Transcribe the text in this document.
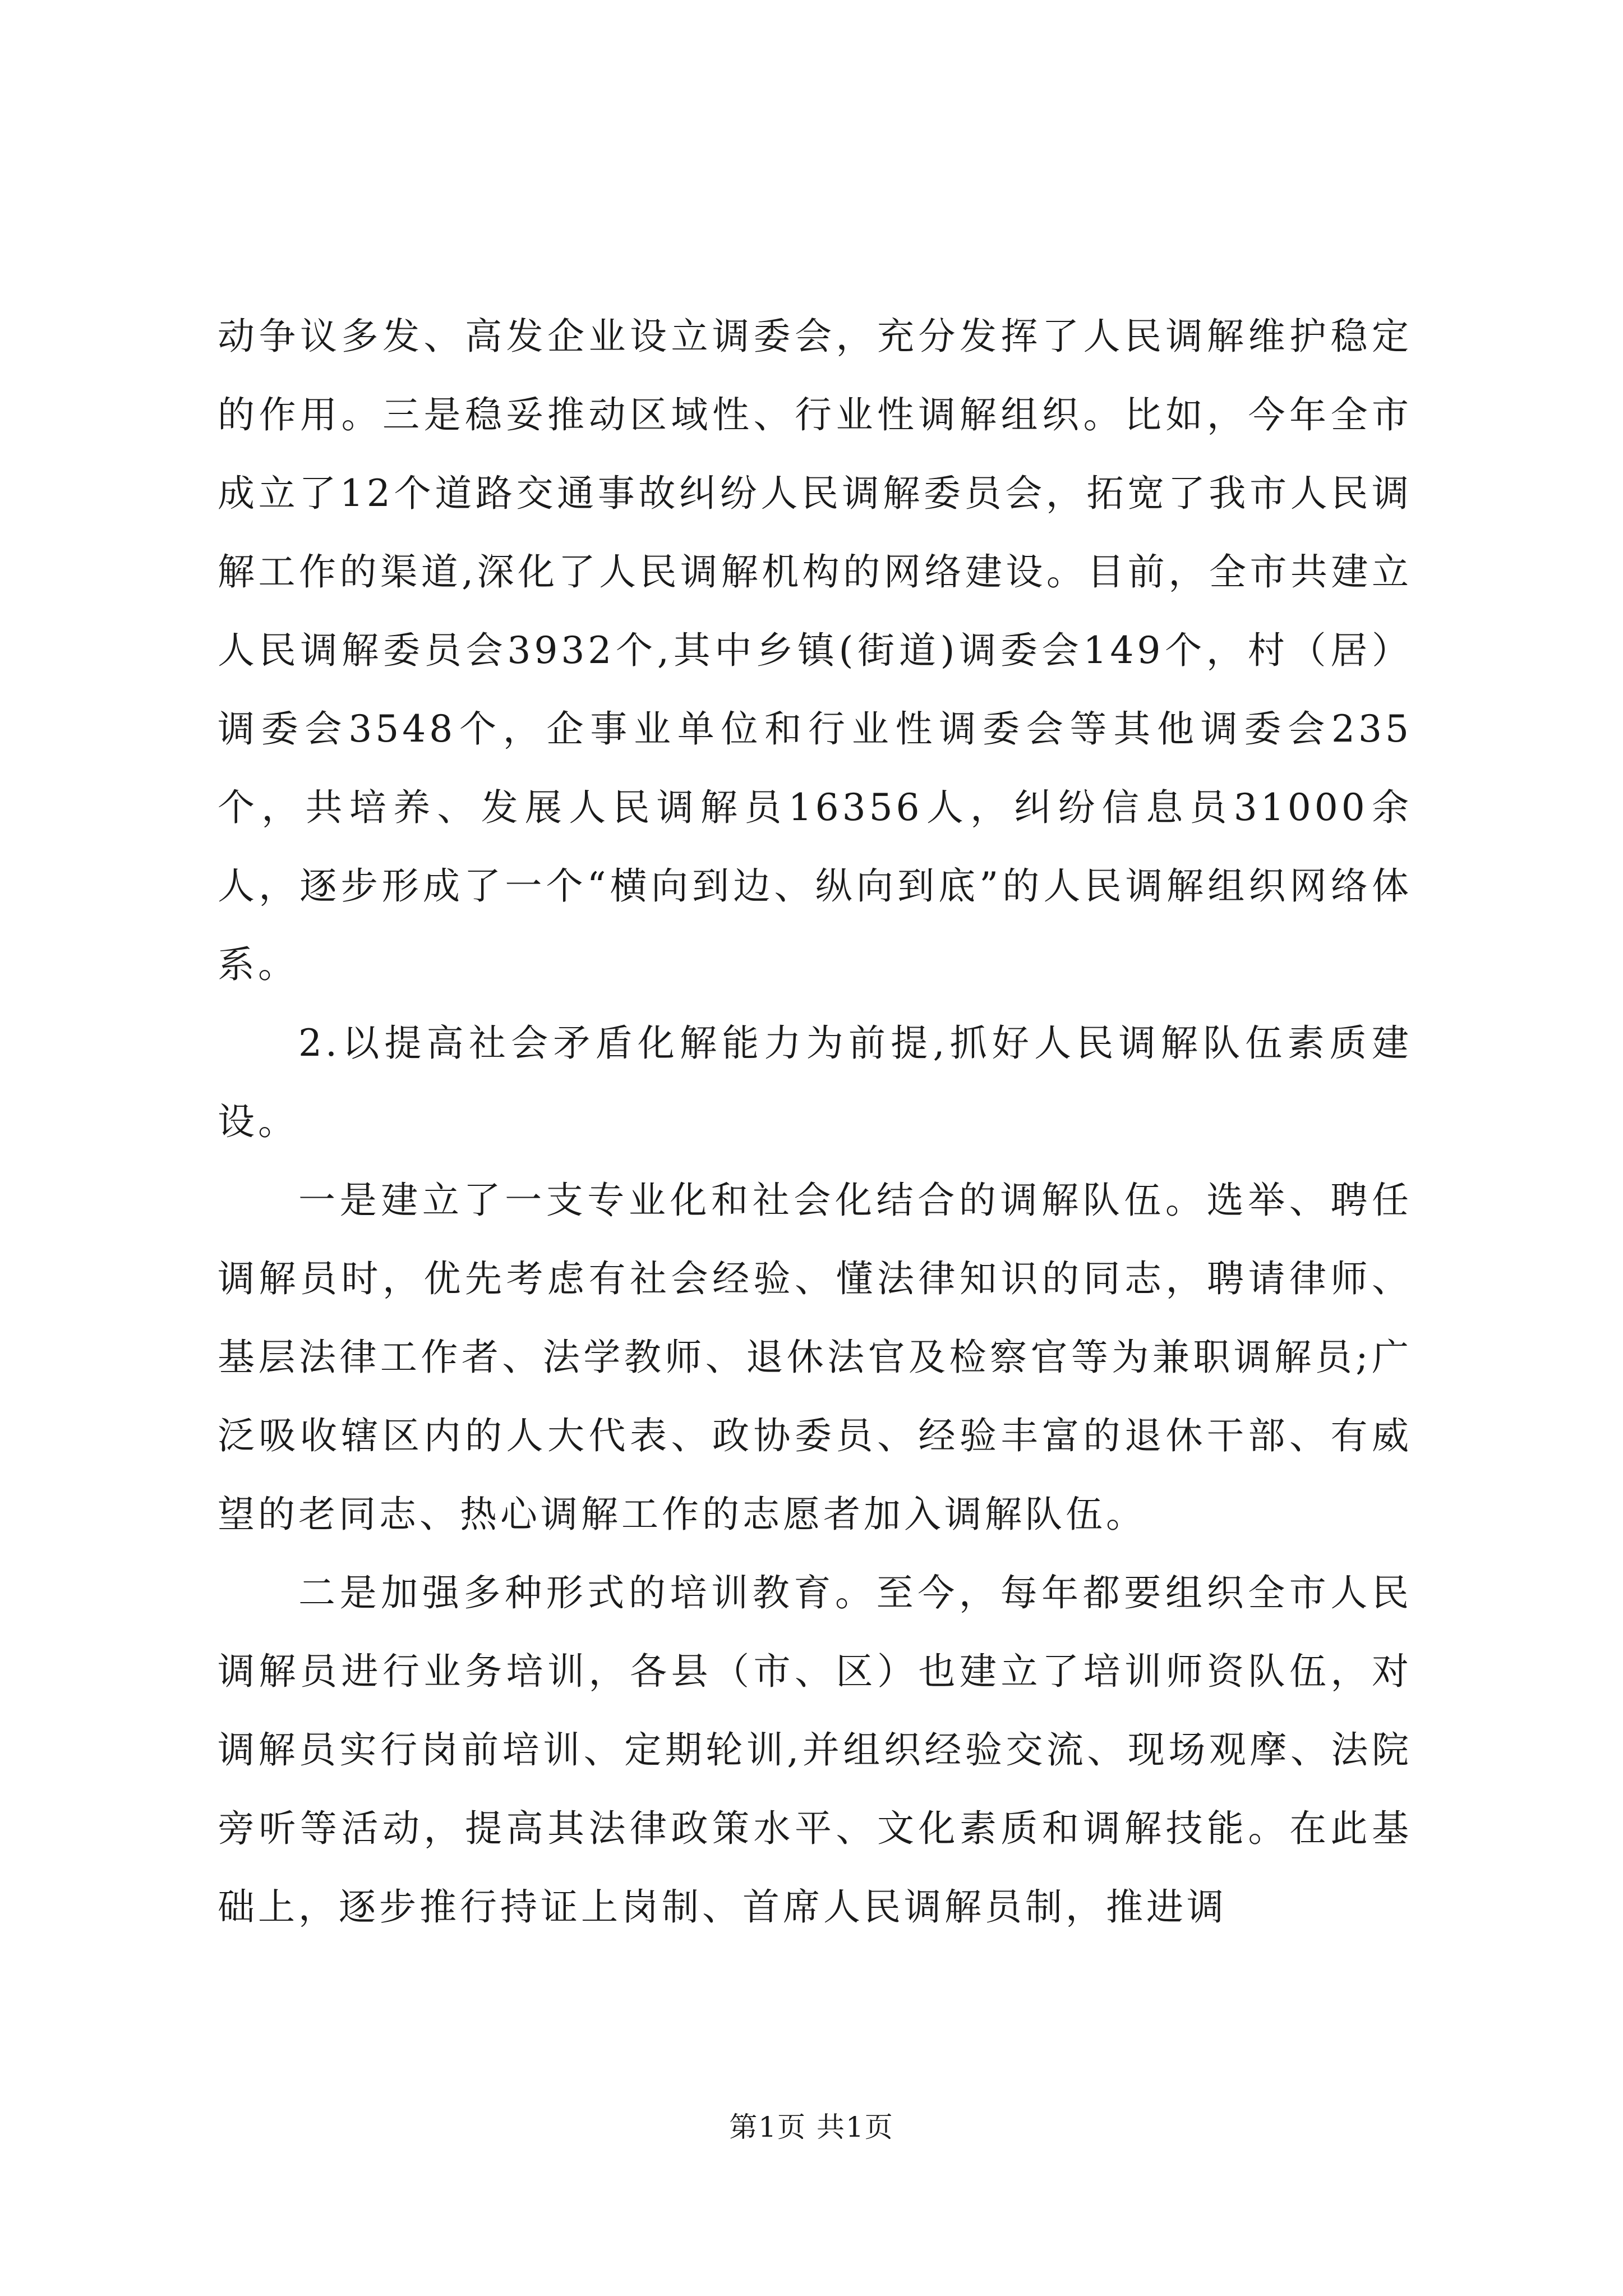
动争议多发、高发企业设立调委会，充分发挥了人民调解维护稳定的作用。三是稳妥推动区域性、行业性调解组织。比如，今年全市成立了12个道路交通事故纠纷人民调解委员会，拓宽了我市人民调解工作的渠道,深化了人民调解机构的网络建设。目前，全市共建立人民调解委员会3932个,其中乡镇(街道)调委会149个，村（居）调委会3548个，企事业单位和行业性调委会等其他调委会235个，共培养、发展人民调解员16356人，纠纷信息员31000余人，逐步形成了一个“横向到边、纵向到底”的人民调解组织网络体系。

2.以提高社会矛盾化解能力为前提,抓好人民调解队伍素质建设。

一是建立了一支专业化和社会化结合的调解队伍。选举、聘任调解员时，优先考虑有社会经验、懂法律知识的同志，聘请律师、基层法律工作者、法学教师、退休法官及检察官等为兼职调解员;广泛吸收辖区内的人大代表、政协委员、经验丰富的退休干部、有威望的老同志、热心调解工作的志愿者加入调解队伍。

二是加强多种形式的培训教育。至今，每年都要组织全市人民调解员进行业务培训，各县（市、区）也建立了培训师资队伍，对调解员实行岗前培训、定期轮训,并组织经验交流、现场观摩、法院旁听等活动，提高其法律政策水平、文化素质和调解技能。在此基础上，逐步推行持证上岗制、首席人民调解员制，推进调

第1页 共1页
